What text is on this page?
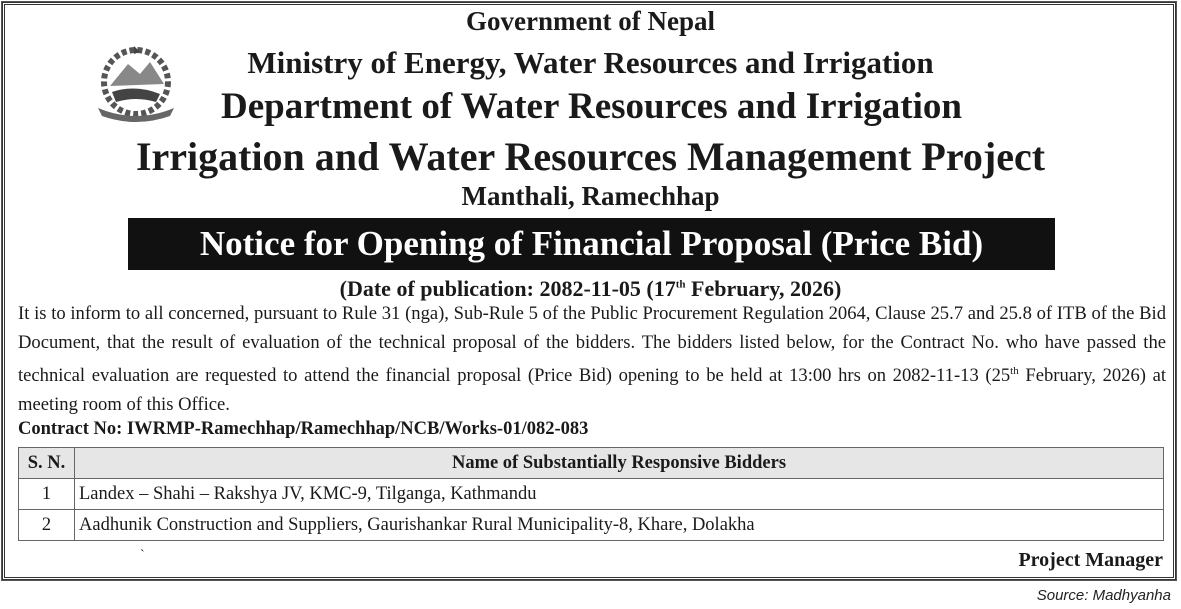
Government of Nepal
Ministry of Energy, Water Resources and Irrigation
Department of Water Resources and Irrigation
Irrigation and Water Resources Management Project
Manthali, Ramechhap
Notice for Opening of Financial Proposal (Price Bid)
(Date of publication: 2082-11-05 (17th February, 2026)

It is to inform to all concerned, pursuant to Rule 31 (nga), Sub-Rule 5 of the Public Procurement Regulation 2064, Clause 25.7 and 25.8 of ITB of the Bid Document, that the result of evaluation of the technical proposal of the bidders. The bidders listed below, for the Contract No. who have passed the technical evaluation are requested to attend the financial proposal (Price Bid) opening to be held at 13:00 hrs on 2082-11-13 (25th February, 2026) at meeting room of this Office.

Contract No: IWRMP-Ramechhap/Ramechhap/NCB/Works-01/082-083
S. N.	Name of Substantially Responsive Bidders
1	Landex – Shahi – Rakshya JV, KMC-9, Tilganga, Kathmandu
2	Aadhunik Construction and Suppliers, Gaurishankar Rural Municipality-8, Khare, Dolakha
`	Project Manager
Source: Madhyanha
